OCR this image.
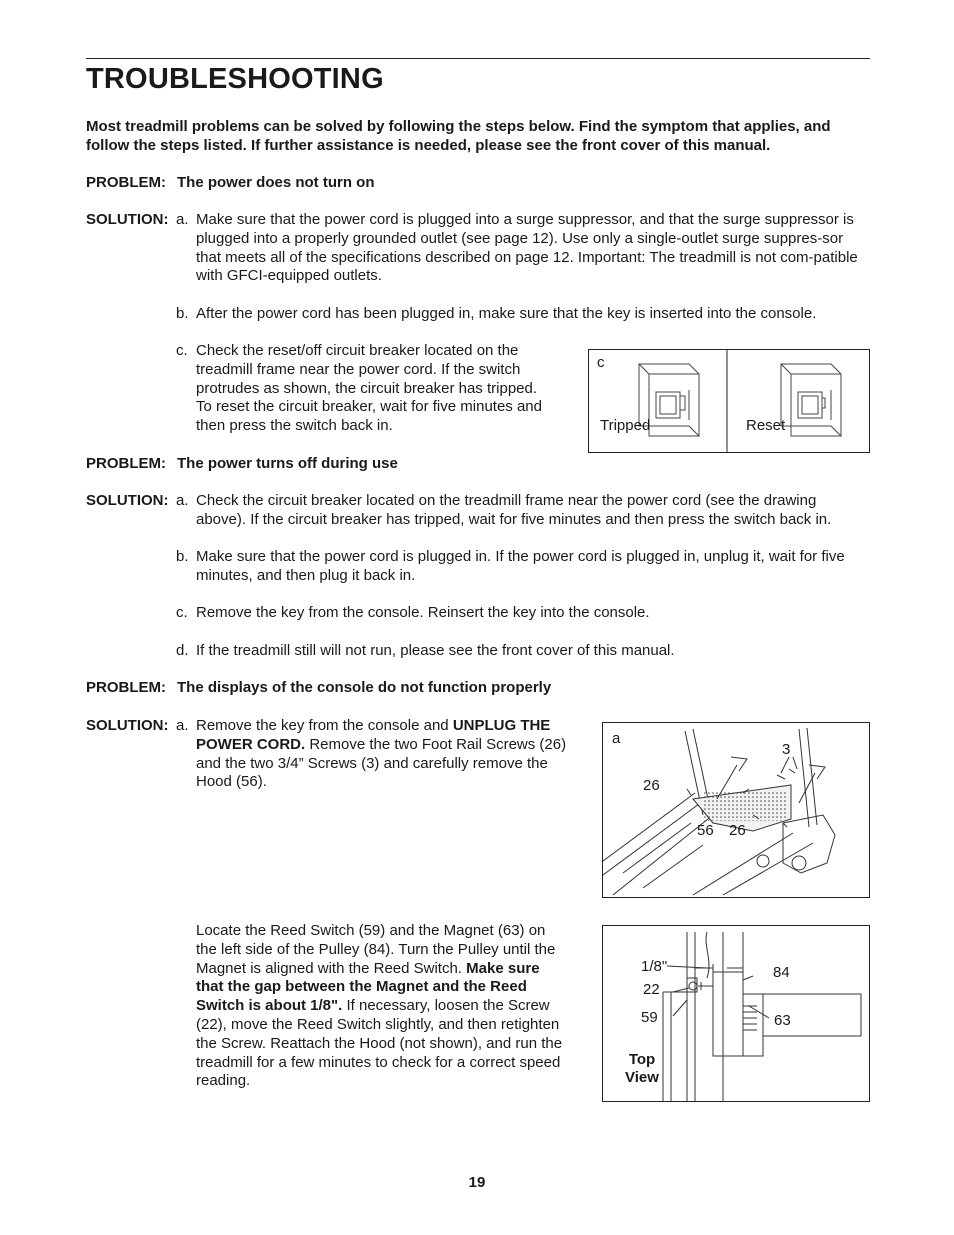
TROUBLESHOOTING
Most treadmill problems can be solved by following the steps below. Find the symptom that applies, and follow the steps listed. If further assistance is needed, please see the front cover of this manual.
PROBLEM: The power does not turn on
SOLUTION: a. Make sure that the power cord is plugged into a surge suppressor, and that the surge suppressor is plugged into a properly grounded outlet (see page 12). Use only a single-outlet surge suppres-sor that meets all of the specifications described on page 12. Important: The treadmill is not com-patible with GFCI-equipped outlets.
b. After the power cord has been plugged in, make sure that the key is inserted into the console.
c. Check the reset/off circuit breaker located on the treadmill frame near the power cord. If the switch protrudes as shown, the circuit breaker has tripped. To reset the circuit breaker, wait for five minutes and then press the switch back in.
c
Tripped	Reset
PROBLEM: The power turns off during use
SOLUTION: a. Check the circuit breaker located on the treadmill frame near the power cord (see the drawing above). If the circuit breaker has tripped, wait for five minutes and then press the switch back in.
b. Make sure that the power cord is plugged in. If the power cord is plugged in, unplug it, wait for five minutes, and then plug it back in.
c. Remove the key from the console. Reinsert the key into the console.
d. If the treadmill still will not run, please see the front cover of this manual.
PROBLEM: The displays of the console do not function properly
SOLUTION: a. Remove the key from the console and UNPLUG THE POWER CORD. Remove the two Foot Rail Screws (26) and the two 3/4” Screws (3) and carefully remove the Hood (56).
a
3
26
56 26
Locate the Reed Switch (59) and the Magnet (63) on the left side of the Pulley (84). Turn the Pulley until the Magnet is aligned with the Reed Switch. Make sure that the gap between the Magnet and the Reed Switch is about 1/8". If necessary, loosen the Screw (22), move the Reed Switch slightly, and then retighten the Screw. Reattach the Hood (not shown), and run the treadmill for a few minutes to check for a correct speed reading.
1/8"
22
59
84
63
Top
View
19
